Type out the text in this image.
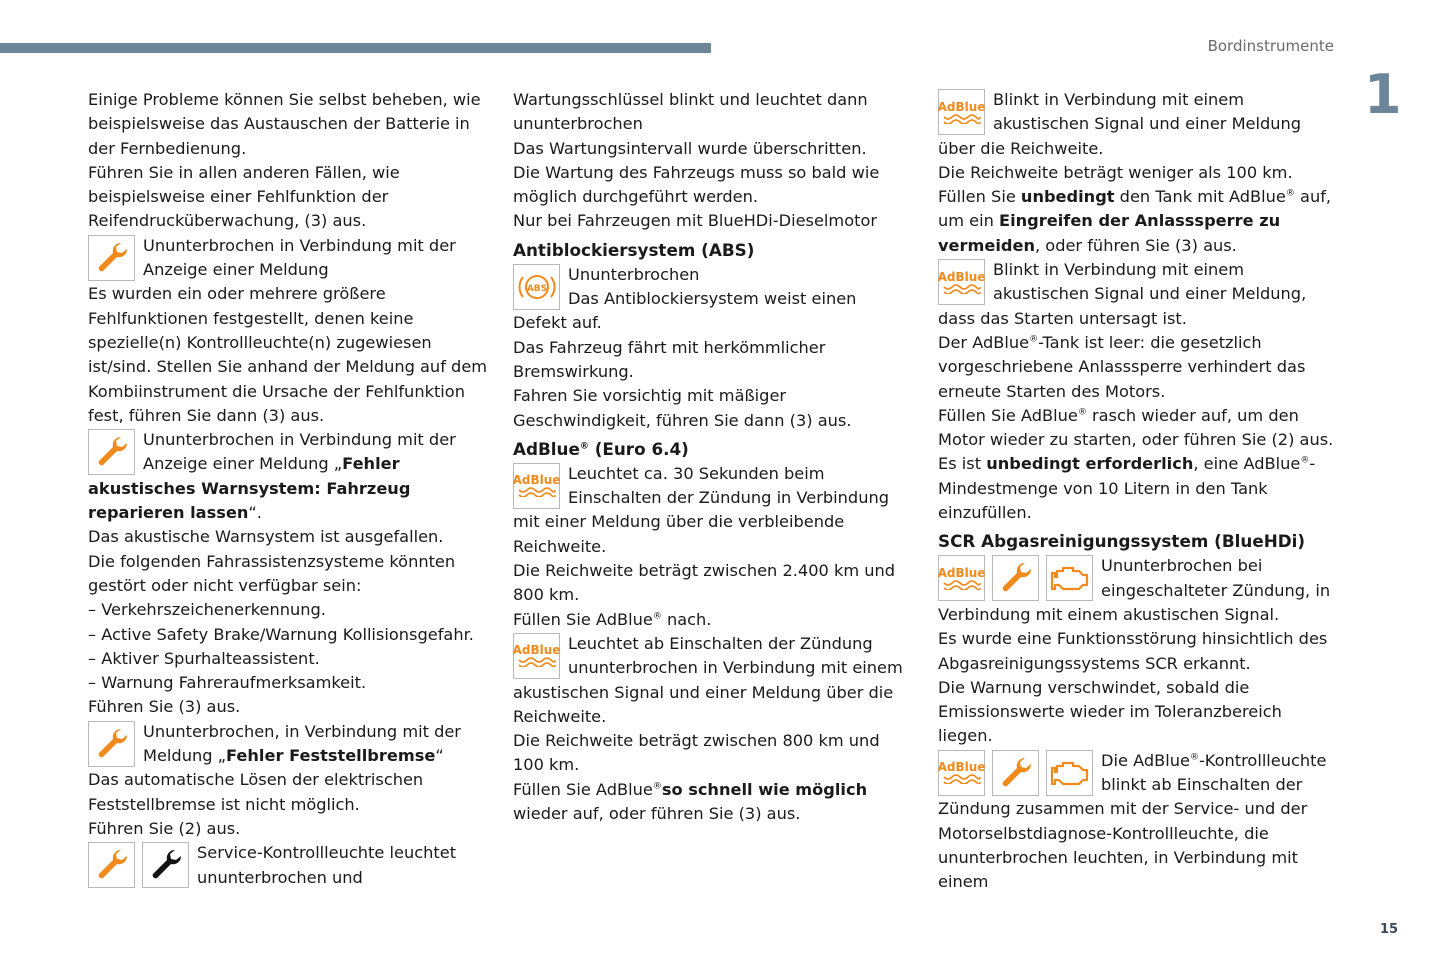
Bordinstrumente
1
15

Einige Probleme können Sie selbst beheben, wie beispielsweise das Austauschen der Batterie in der Fernbedienung.

Führen Sie in allen anderen Fällen, wie beispielsweise einer Fehlfunktion der Reifendrucküberwachung, (3) aus.

Ununterbrochen in Verbindung mit der Anzeige einer Meldung

Es wurden ein oder mehrere größere Fehlfunktionen festgestellt, denen keine spezielle(n) Kontrollleuchte(n) zugewiesen ist/sind. Stellen Sie anhand der Meldung auf dem Kombiinstrument die Ursache der Fehlfunktion fest, führen Sie dann (3) aus.

Ununterbrochen in Verbindung mit der Anzeige einer Meldung „Fehler akustisches Warnsystem: Fahrzeug reparieren lassen“.

Das akustische Warnsystem ist ausgefallen.

Die folgenden Fahrassistenzsysteme könnten gestört oder nicht verfügbar sein:

– Verkehrszeichenerkennung.

– Active Safety Brake/Warnung Kollisionsgefahr.

– Aktiver Spurhalteassistent.

– Warnung Fahreraufmerksamkeit.

Führen Sie (3) aus.

Ununterbrochen, in Verbindung mit der Meldung „Fehler Feststellbremse“

Das automatische Lösen der elektrischen Feststellbremse ist nicht möglich.

Führen Sie (2) aus.

Service-Kontrollleuchte leuchtet ununterbrochen und

Wartungsschlüssel blinkt und leuchtet dann ununterbrochen

Das Wartungsintervall wurde überschritten.

Die Wartung des Fahrzeugs muss so bald wie möglich durchgeführt werden.

Nur bei Fahrzeugen mit BlueHDi-Dieselmotor

Antiblockiersystem (ABS)

ABS

Ununterbrochen
Das Antiblockiersystem weist einen Defekt auf.

Das Fahrzeug fährt mit herkömmlicher Bremswirkung.

Fahren Sie vorsichtig mit mäßiger Geschwindigkeit, führen Sie dann (3) aus.

AdBlue® (Euro 6.4)

AdBlue Leuchtet ca. 30 Sekunden beim Einschalten der Zündung in Verbindung mit einer Meldung über die verbleibende Reichweite.

Die Reichweite beträgt zwischen 2.400 km und 800 km.

Füllen Sie AdBlue® nach.

AdBlue Leuchtet ab Einschalten der Zündung ununterbrochen in Verbindung mit einem akustischen Signal und einer Meldung über die Reichweite.

Die Reichweite beträgt zwischen 800 km und 100 km.

Füllen Sie AdBlue®so schnell wie möglich wieder auf, oder führen Sie (3) aus.

AdBlue Blinkt in Verbindung mit einem akustischen Signal und einer Meldung über die Reichweite.

Die Reichweite beträgt weniger als 100 km.

Füllen Sie unbedingt den Tank mit AdBlue® auf, um ein Eingreifen der Anlasssperre zu vermeiden, oder führen Sie (3) aus.

AdBlue Blinkt in Verbindung mit einem akustischen Signal und einer Meldung, dass das Starten untersagt ist.

Der AdBlue®-Tank ist leer: die gesetzlich vorgeschriebene Anlasssperre verhindert das erneute Starten des Motors.

Füllen Sie AdBlue® rasch wieder auf, um den Motor wieder zu starten, oder führen Sie (2) aus.

Es ist unbedingt erforderlich, eine AdBlue®-Mindestmenge von 10 Litern in den Tank einzufüllen.

SCR Abgasreinigungssystem (BlueHDi)

AdBlue	Ununterbrochen bei eingeschalteter Zündung, in Verbindung mit einem akustischen Signal.

Es wurde eine Funktionsstörung hinsichtlich des Abgasreinigungssystems SCR erkannt.

Die Warnung verschwindet, sobald die Emissionswerte wieder im Toleranzbereich liegen.

AdBlue	Die AdBlue®-Kontrollleuchte blinkt ab Einschalten der Zündung zusammen mit der Service- und der Motorselbstdiagnose-Kontrollleuchte, die ununterbrochen leuchten, in Verbindung mit einem
